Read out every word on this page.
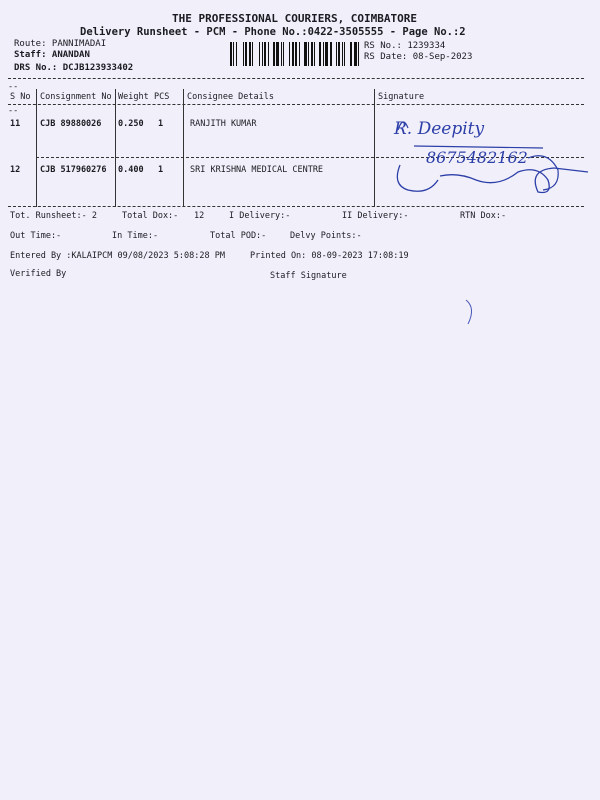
THE PROFESSIONAL COURIERS, COIMBATORE
Delivery Runsheet - PCM - Phone No.:0422-3505555 - Page No.:2
Route: PANNIMADAI
Staff: ANANDAN
DRS No.: DCJB123933402
RS No.: 1239334
RS Date: 08-Sep-2023
--
S No Consignment No Weight PCS Consignee Details	Signature
--
11 CJB 89880026 0.250 1	RANJITH KUMAR
12 CJB 517960276 0.400 1	SRI KRISHNA MEDICAL CENTRE
R. Deepity
8675482162
Tot. Runsheet:- 2	Total Dox:- 12	I Delivery:-	II Delivery:-	RTN Dox:-
Out Time:-	In Time:-	Total POD:-	Delvy Points:-
Entered By :KALAIPCM 09/08/2023 5:08:28 PM	Printed On: 08-09-2023 17:08:19
Verified By	Staff Signature
